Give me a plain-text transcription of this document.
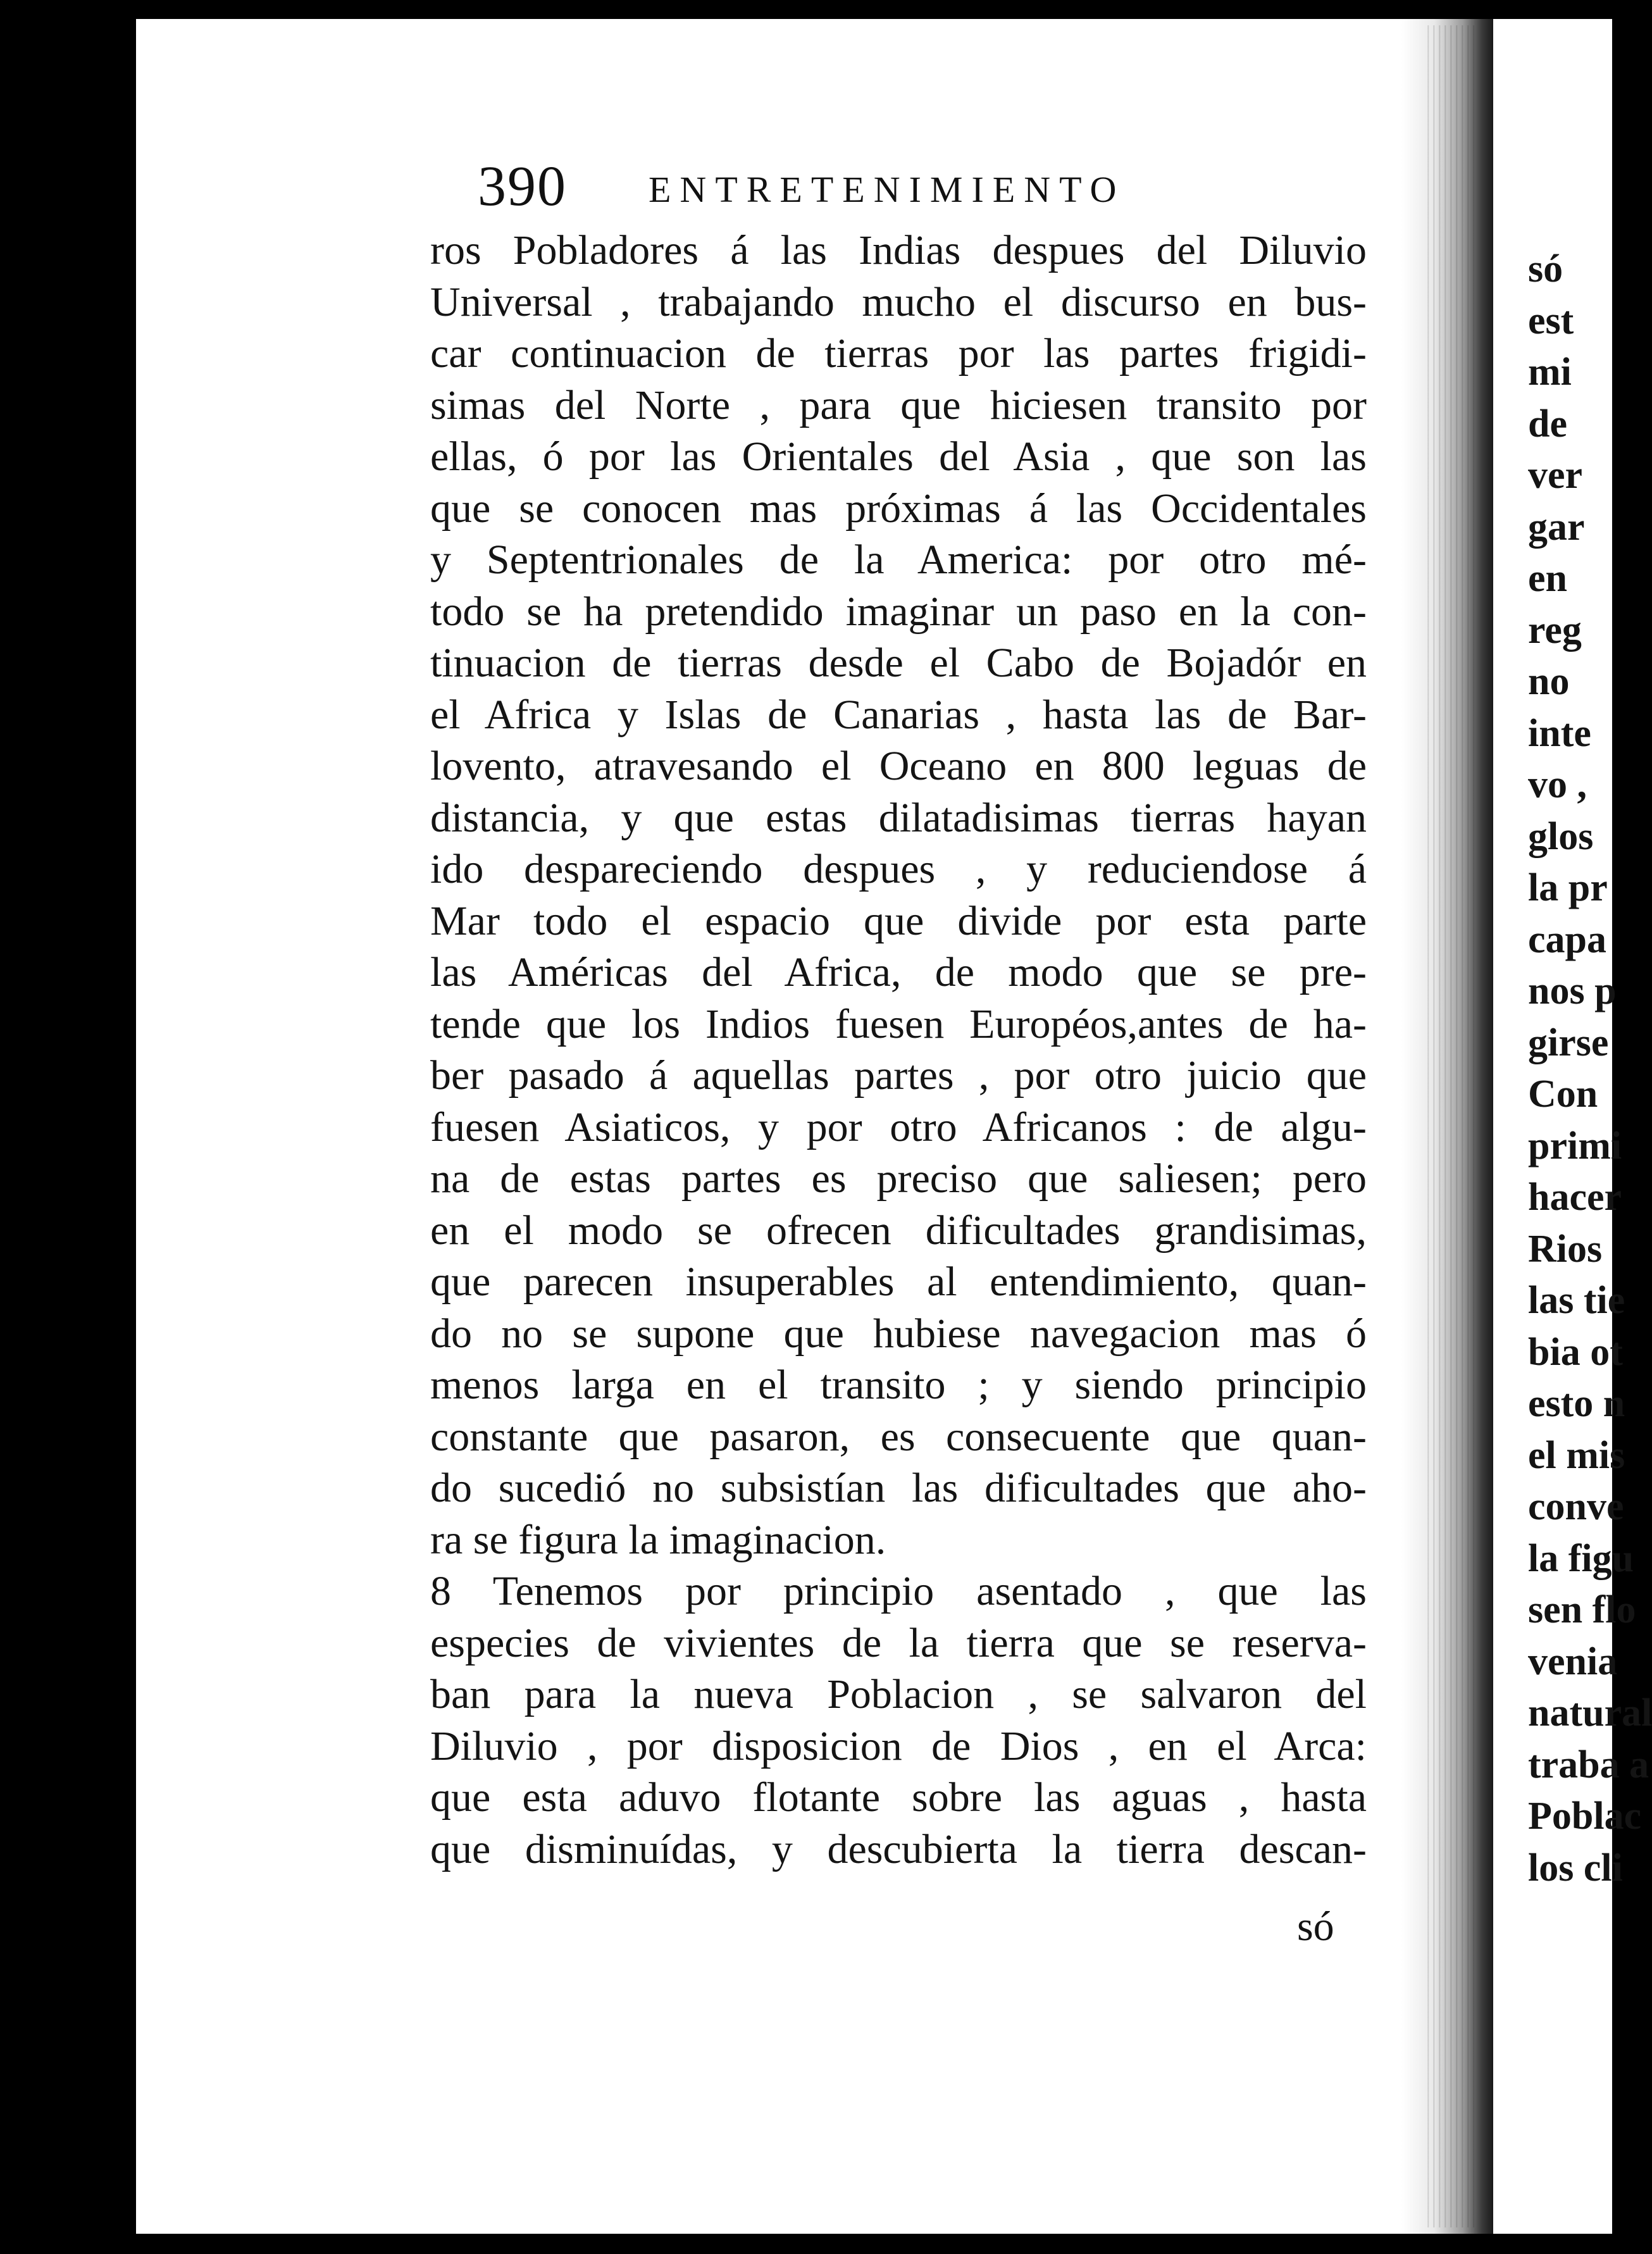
390 ENTRETENIMIENTO
ros Pobladores á las Indias despues del Diluvio
Universal , trabajando mucho el discurso en bus-
car continuacion de tierras por las partes frigidi-
simas del Norte , para que hiciesen transito por
ellas, ó por las Orientales del Asia , que son las
que se conocen mas próximas á las Occidentales
y Septentrionales de la America: por otro mé-
todo se ha pretendido imaginar un paso en la con-
tinuacion de tierras desde el Cabo de Bojadór en
el Africa y Islas de Canarias , hasta las de Bar-
lovento, atravesando el Oceano en 800 leguas de
distancia, y que estas dilatadisimas tierras hayan
ido despareciendo despues , y reduciendose á
Mar todo el espacio que divide por esta parte
las Américas del Africa, de modo que se pre-
tende que los Indios fuesen Européos,antes de ha-
ber pasado á aquellas partes , por otro juicio que
fuesen Asiaticos, y por otro Africanos : de algu-
na de estas partes es preciso que saliesen; pero
en el modo se ofrecen dificultades grandisimas,
que parecen insuperables al entendimiento, quan-
do no se supone que hubiese navegacion mas ó
menos larga en el transito ; y siendo principio
constante que pasaron, es consecuente que quan-
do sucedió no subsistían las dificultades que aho-
ra se figura la imaginacion.
8 Tenemos por principio asentado , que las
especies de vivientes de la tierra que se reserva-
ban para la nueva Poblacion , se salvaron del
Diluvio , por disposicion de Dios , en el Arca:
que esta aduvo flotante sobre las aguas , hasta
que disminuídas, y descubierta la tierra descan-
só
só
est
mi
de
ver
gar
en
reg
no
inte
vo ,
glos
la pr
capa
nos p
girse
Con
primi
hacer
Rios
las tie
bia ot
esto n
el mis
conve
la figu
sen flo
venia
natural
traba a
Poblac
los cli
